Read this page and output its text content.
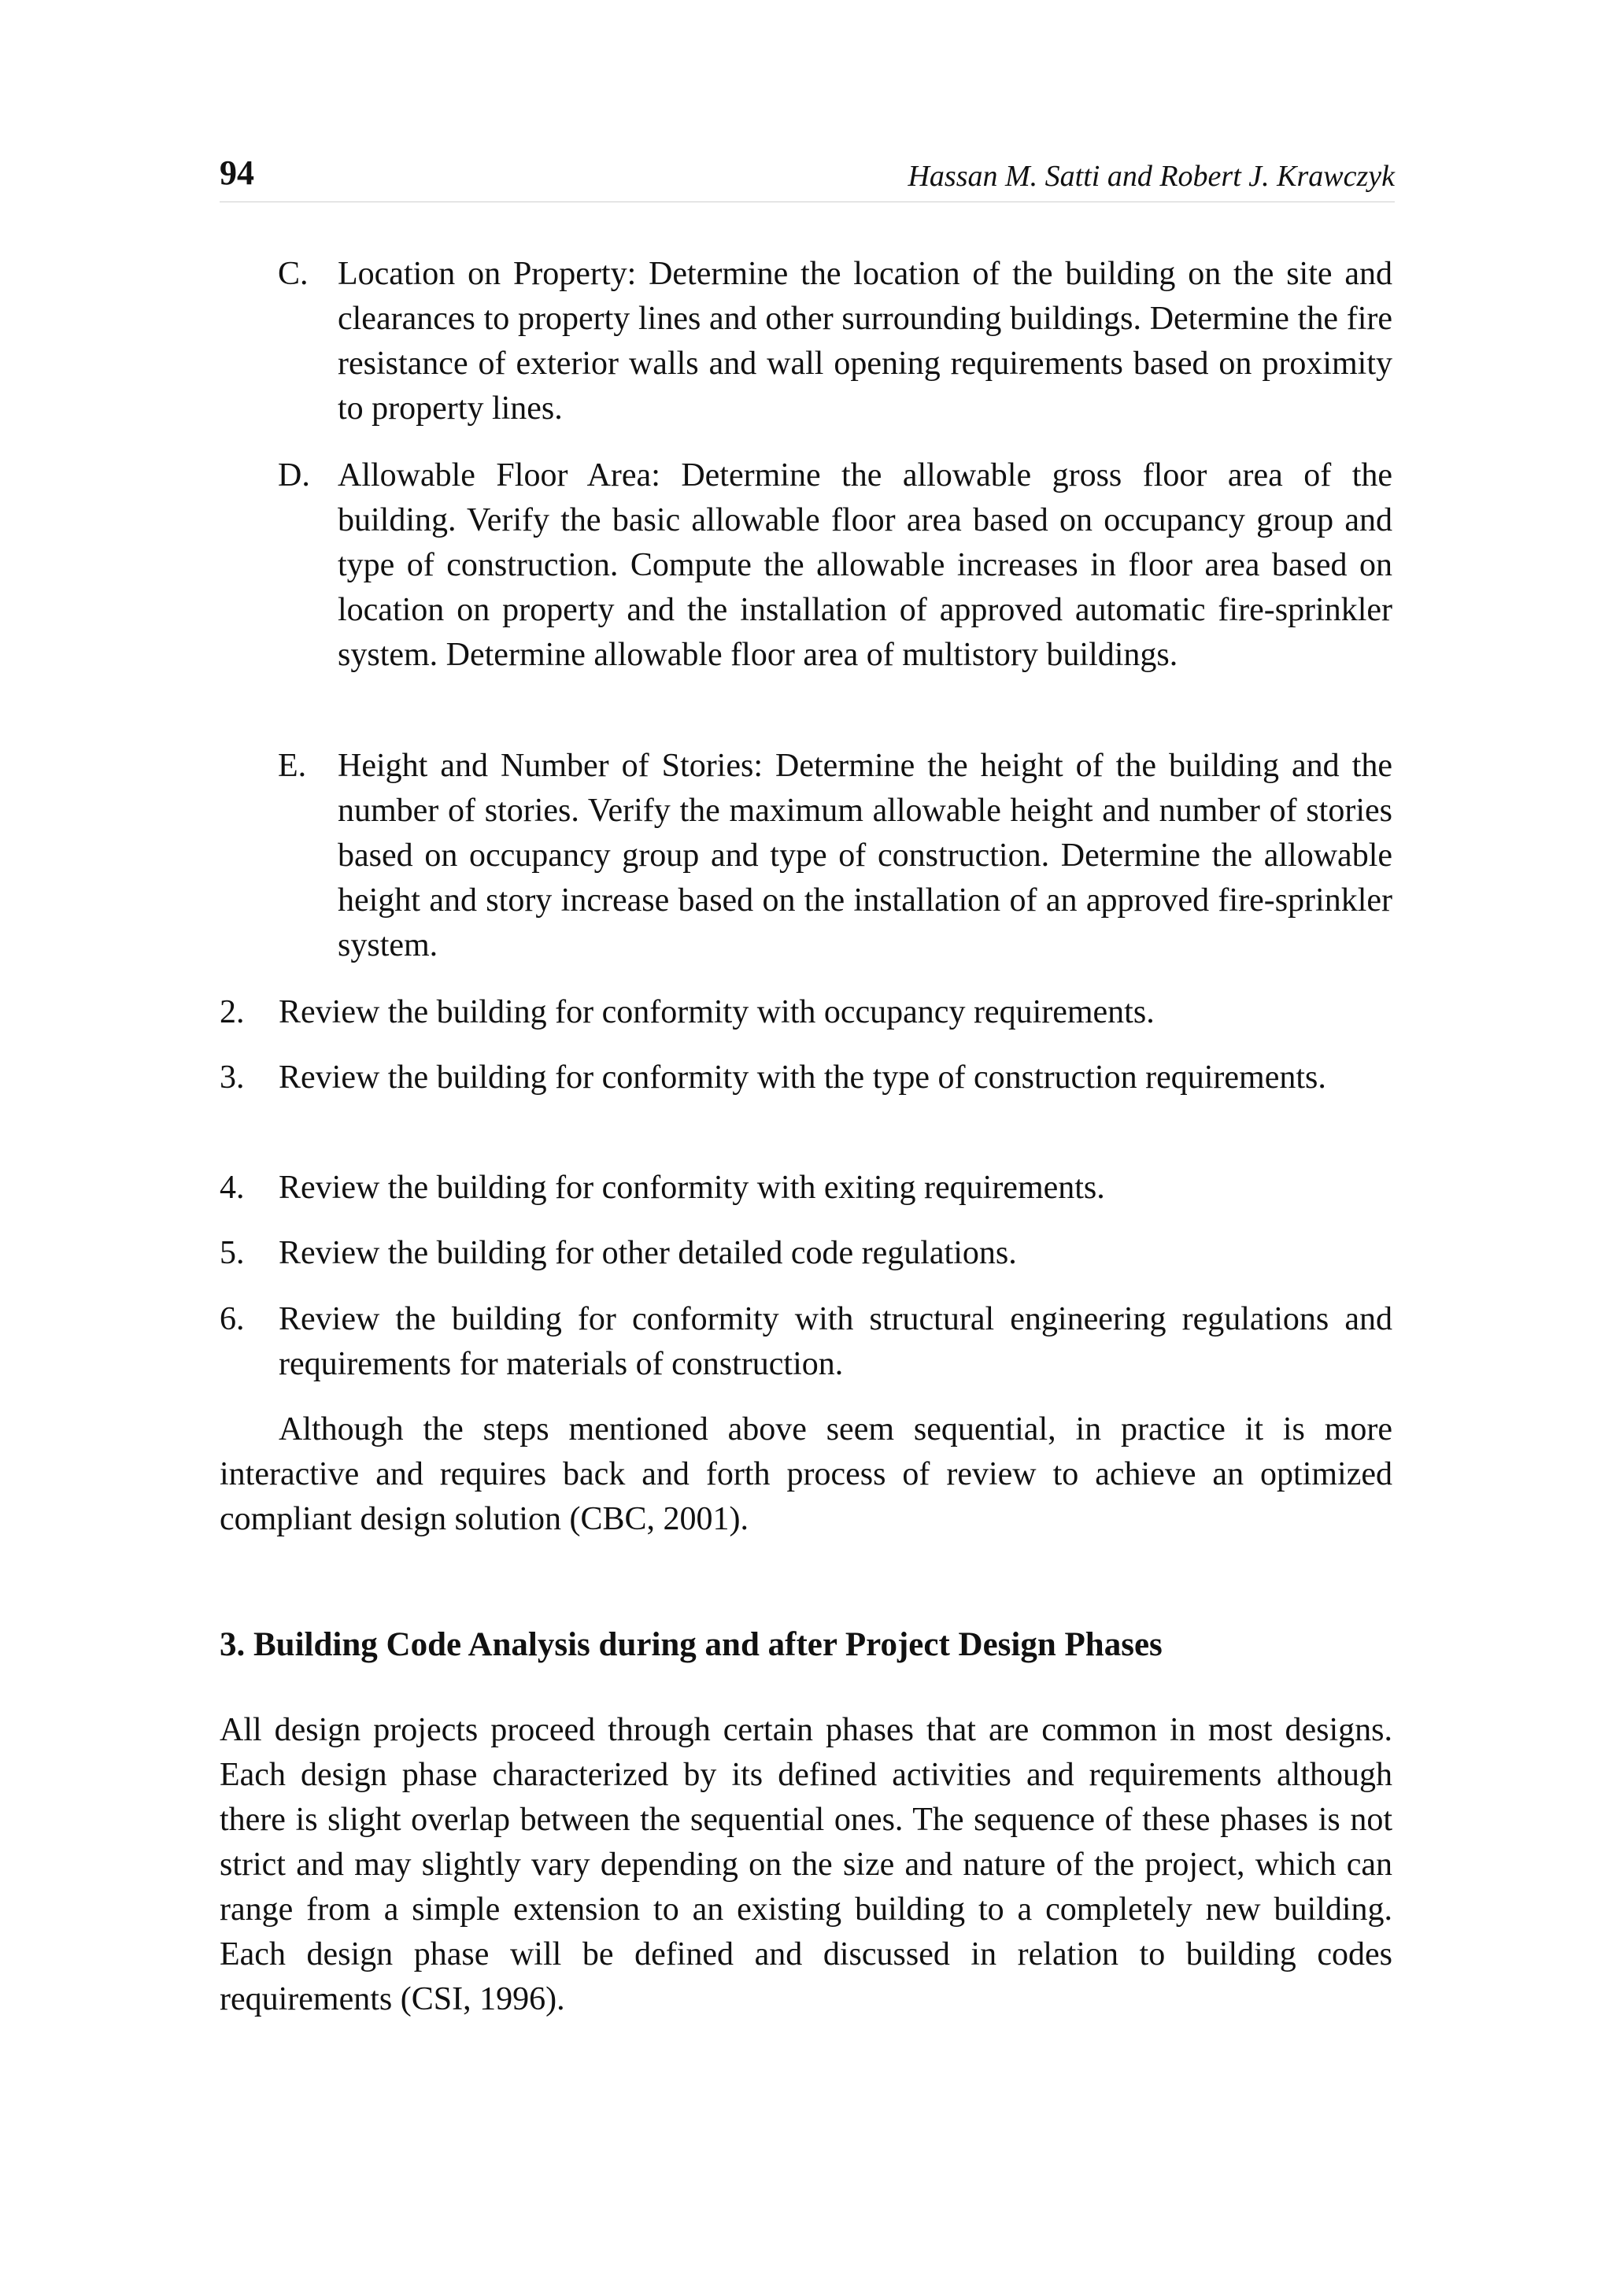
94	Hassan M. Satti and Robert J. Krawczyk
C. Location on Property: Determine the location of the building on the site and clearances to property lines and other surrounding buildings. Determine the fire resistance of exterior walls and wall opening requirements based on proximity to property lines.
D. Allowable Floor Area: Determine the allowable gross floor area of the building. Verify the basic allowable floor area based on occupancy group and type of construction. Compute the allowable increases in floor area based on location on property and the installation of approved automatic fire-sprinkler system. Determine allowable floor area of multistory buildings.
E. Height and Number of Stories: Determine the height of the building and the number of stories. Verify the maximum allowable height and number of stories based on occupancy group and type of construction. Determine the allowable height and story increase based on the installation of an approved fire-sprinkler system.
2.	Review the building for conformity with occupancy requirements.
3.	Review the building for conformity with the type of construction requirements.
4.	Review the building for conformity with exiting requirements.
5.	Review the building for other detailed code regulations.
6.	Review the building for conformity with structural engineering regulations and requirements for materials of construction.
Although the steps mentioned above seem sequential, in practice it is more interactive and requires back and forth process of review to achieve an optimized compliant design solution (CBC, 2001).
3. Building Code Analysis during and after Project Design Phases
All design projects proceed through certain phases that are common in most designs. Each design phase characterized by its defined activities and requirements although there is slight overlap between the sequential ones. The sequence of these phases is not strict and may slightly vary depending on the size and nature of the project, which can range from a simple extension to an existing building to a completely new building. Each design phase will be defined and discussed in relation to building codes requirements (CSI, 1996).
